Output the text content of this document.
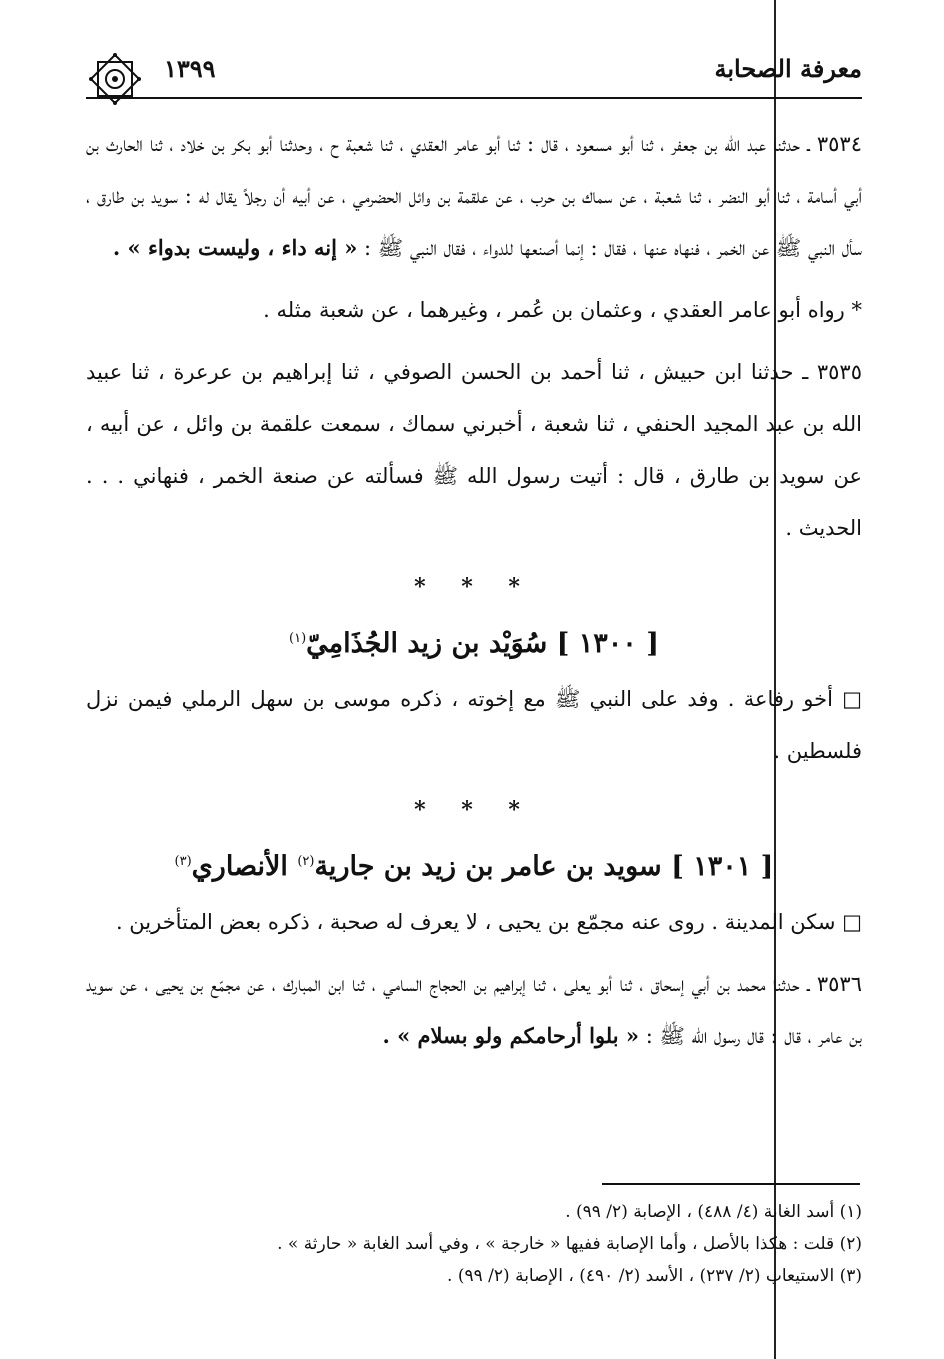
معرفة الصحابة
١٣٩٩

٣٥٣٤ ـ حدثنا عبد الله بن جعفر ، ثنا أبو مسعود ، قال : ثنا أبو عامر العقدي ، ثنا شعبة ح ، وحدثنا أبو بكر بن خلاد ، ثنا الحارث بن أبي أسامة ، ثنا أبو النضر ، ثنا شعبة ، عن سماك بن حرب ، عن علقمة بن وائل الحضرمي ، عن أبيه أن رجلاً يقال له : سويد بن طارق ، سأل النبي ﷺ عن الخمر ، فنهاه عنها ، فقال : إنما أصنعها للدواء ، فقال النبي ﷺ : « إنه داء ، وليست بدواء » .

* رواه أبو عامر العقدي ، وعثمان بن عُمر ، وغيرهما ، عن شعبة مثله .

٣٥٣٥ ـ حدثنا ابن حبيش ، ثنا أحمد بن الحسن الصوفي ، ثنا إبراهيم بن عرعرة ، ثنا عبيد الله بن عبد المجيد الحنفي ، ثنا شعبة ، أخبرني سماك ، سمعت علقمة بن وائل ، عن أبيه ، عن سويد بن طارق ، قال : أتيت رسول الله ﷺ فسألته عن صنعة الخمر ، فنهاني . . . الحديث .

* * *

[ ١٣٠٠ ] سُوَيْد بن زيد الجُذَامِيّ$^{(١)}$

□ أخو رفاعة . وفد على النبي ﷺ مع إخوته ، ذكره موسى بن سهل الرملي فيمن نزل فلسطين .

* * *

[ ١٣٠١ ] سويد بن عامر بن زيد بن جارية$^{(٢)}$ الأنصاري$^{(٣)}$

□ سكن المدينة . روى عنه مجمّع بن يحيى ، لا يعرف له صحبة ، ذكره بعض المتأخرين .

٣٥٣٦ ـ حدثنا محمد بن أبي إسحاق ، ثنا أبو يعلى ، ثنا إبراهيم بن الحجاج السامي ، ثنا ابن المبارك ، عن مجمّع بن يحيى ، عن سويد بن عامر ، قال : قال رسول الله ﷺ : « بلوا أرحامكم ولو بسلام » .

(١) أسد الغابة (٤/ ٤٨٨) ، الإصابة (٢/ ٩٩) .

(٢) قلت : هكذا بالأصل ، وأما الإصابة ففيها « خارجة » ، وفي أسد الغابة « حارثة » .

(٣) الاستيعاب (٢/ ٢٣٧) ، الأسد (٢/ ٤٩٠) ، الإصابة (٢/ ٩٩) .
